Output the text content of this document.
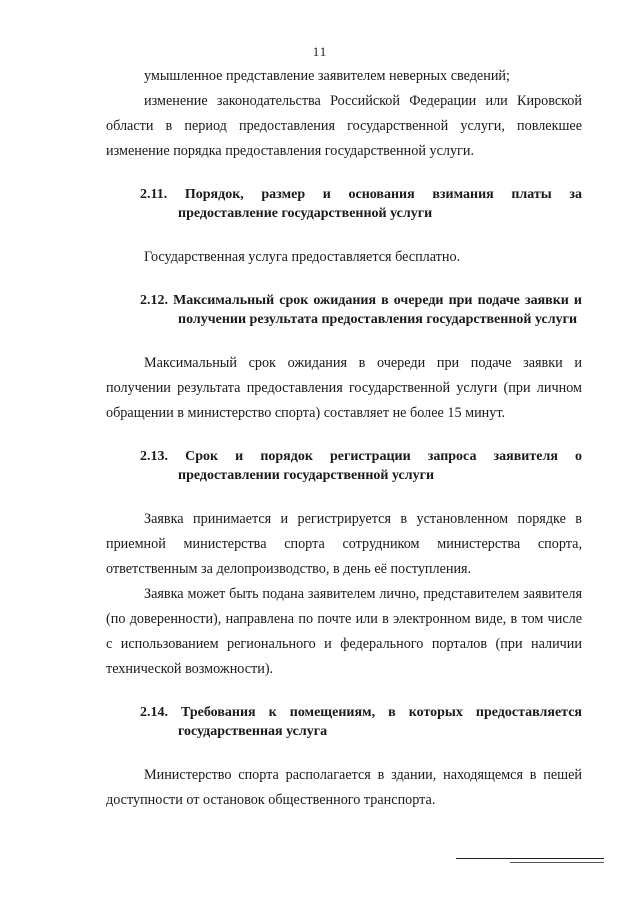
11

умышленное представление заявителем неверных сведений;

изменение законодательства Российской Федерации или Кировской области в период предоставления государственной услуги, повлекшее изменение порядка предоставления государственной услуги.

2.11. Порядок, размер и основания взимания платы за предоставление государственной услуги

Государственная услуга предоставляется бесплатно.

2.12. Максимальный срок ожидания в очереди при подаче заявки и получении результата предоставления государственной услуги

Максимальный срок ожидания в очереди при подаче заявки и получении результата предоставления государственной услуги (при личном обращении в министерство спорта) составляет не более 15 минут.

2.13. Срок и порядок регистрации запроса заявителя о предоставлении государственной услуги

Заявка принимается и регистрируется в установленном порядке в приемной министерства спорта сотрудником министерства спорта, ответственным за делопроизводство, в день её поступления.

Заявка может быть подана заявителем лично, представителем заявителя (по доверенности), направлена по почте или в электронном виде, в том числе с использованием регионального и федерального порталов (при наличии технической возможности).

2.14. Требования к помещениям, в которых предоставляется государственная услуга

Министерство спорта располагается в здании, находящемся в пешей доступности от остановок общественного транспорта.
